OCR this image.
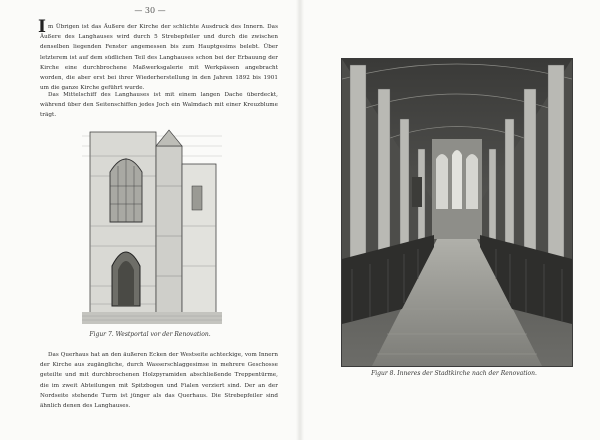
— 30 —
I m Übrigen ist das Äußere der Kirche der schlichte Ausdruck des Innern. Das Äußere des Langhauses wird durch 5 Strebepfeiler und durch die zwischen denselben liegenden Fenster angemessen bis zum Hauptgesims belebt. Über letzterem ist auf dem südlichen Teil des Langhauses schon bei der Erbauung der Kirche eine durchbrochene Maßwerksgalerie mit Werkpässen angebracht worden, die aber erst bei ihrer Wiederherstellung in den Jahren 1892 bis 1901 um die ganze Kirche geführt wurde.

Das Mittelschiff des Langhauses ist mit einem langen Dache überdeckt, während über den Seitenschiffen jedes Joch ein Walmdach mit einer Kreuzblume trägt.

Figur 7. Westportal vor der Renovation.

Das Querhaus hat an den äußeren Ecken der Westseite achteckige, vom Innern der Kirche aus zugängliche, durch Wasserschlaggesimse in mehrere Geschosse geteilte und mit durchbrochenen Holzpyramiden abschließende Treppentürme, die im zweit Abteilungen mit Spitzbogen und Fialen verziert sind. Der an der Nordseite stehende Turm ist jünger als das Querhaus. Die Strebepfeiler sind ähnlich denen des Langhauses.

Figur 8. Inneres der Stadtkirche nach der Renovation.
